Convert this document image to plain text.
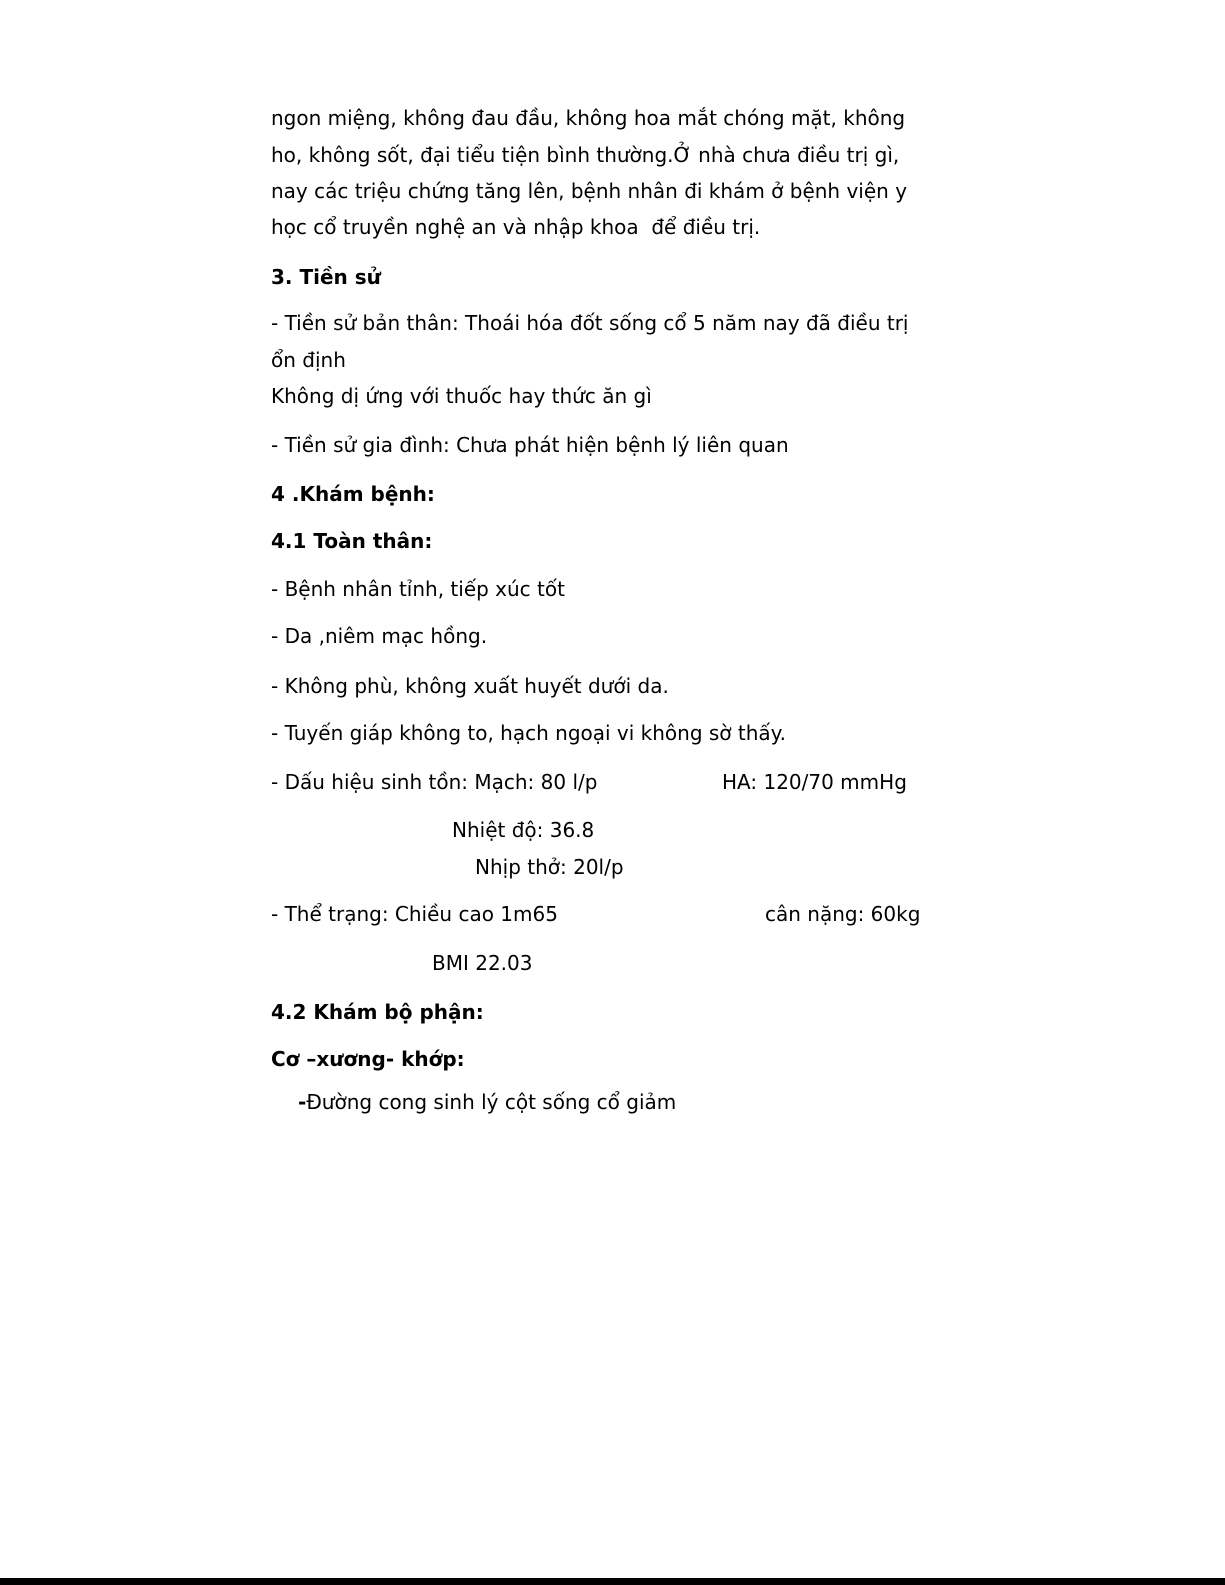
ngon miệng, không đau đầu, không hoa mắt chóng mặt, không
ho, không sốt, đại tiểu tiện bình thường.Ở nhà chưa điều trị gì,
nay các triệu chứng tăng lên, bệnh nhân đi khám ở bệnh viện y
học cổ truyền nghệ an và nhập khoa  để điều trị.
3. Tiền sử
- Tiền sử bản thân: Thoái hóa đốt sống cổ 5 năm nay đã điều trị
ổn định
Không dị ứng với thuốc hay thức ăn gì
- Tiền sử gia đình: Chưa phát hiện bệnh lý liên quan
4 .Khám bệnh:
4.1 Toàn thân:
- Bệnh nhân tỉnh, tiếp xúc tốt
- Da ,niêm mạc hồng.
- Không phù, không xuất huyết dưới da.
- Tuyến giáp không to, hạch ngoại vi không sờ thấy.
- Dấu hiệu sinh tồn: Mạch: 80 l/p	HA: 120/70 mmHg
Nhiệt độ: 36.8
Nhịp thở: 20l/p
- Thể trạng: Chiều cao 1m65	cân nặng: 60kg
BMI 22.03
4.2 Khám bộ phận:
Cơ –xương- khớp:
-Đường cong sinh lý cột sống cổ giảm
